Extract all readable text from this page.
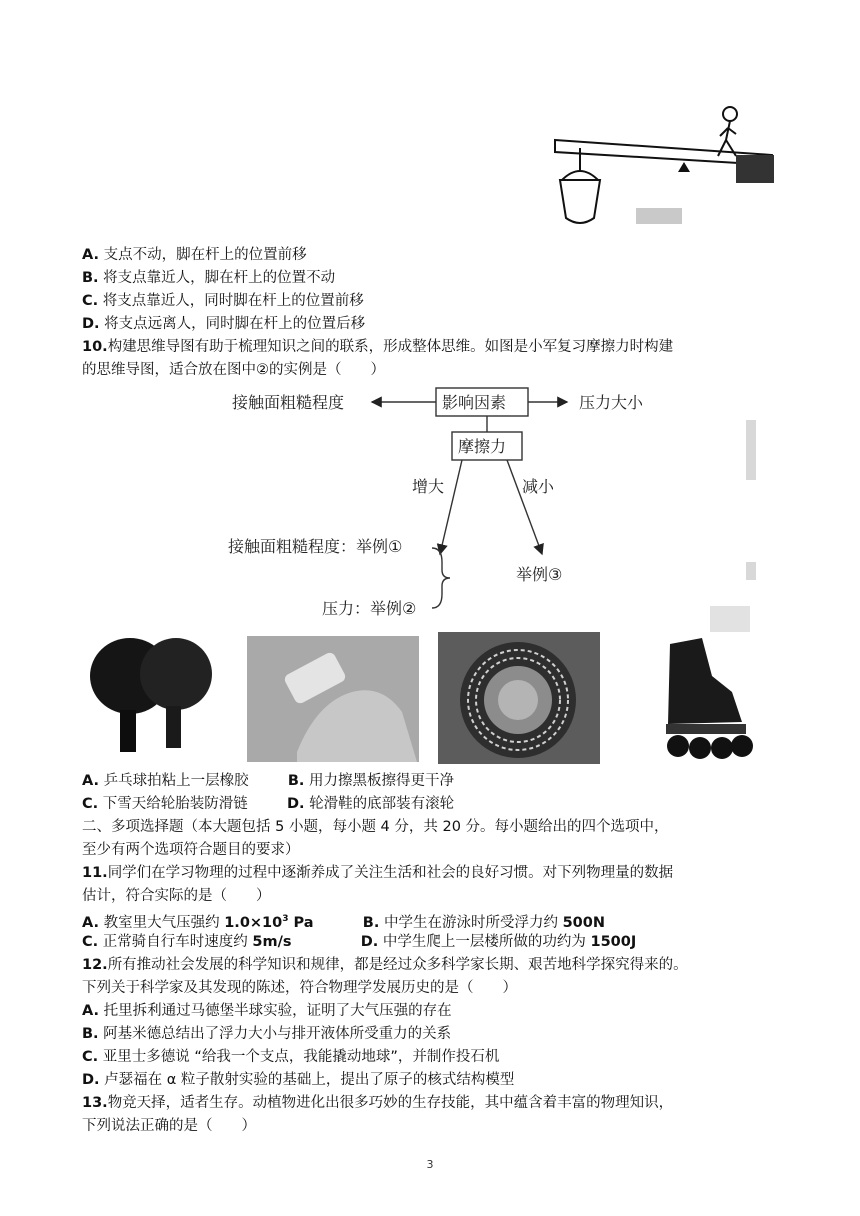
A. 支点不动，脚在杆上的位置前移
B. 将支点靠近人，脚在杆上的位置不动
C. 将支点靠近人，同时脚在杆上的位置前移
D. 将支点远离人，同时脚在杆上的位置后移
10.构建思维导图有助于梳理知识之间的联系，形成整体思维。如图是小军复习摩擦力时构建
的思维导图，适合放在图中②的实例是（　　）
接触面粗糙程度	影响因素	压力大小
摩擦力
增大	减小
接触面粗糙程度：举例①
压力：举例②
举例③
A. 乒乓球拍粘上一层橡胶	B. 用力擦黑板擦得更干净
C. 下雪天给轮胎装防滑链	D. 轮滑鞋的底部装有滚轮
二、多项选择题（本大题包括 5 小题，每小题 4 分，共 20 分。每小题给出的四个选项中，
至少有两个选项符合题目的要求）
11.同学们在学习物理的过程中逐渐养成了关注生活和社会的良好习惯。对下列物理量的数据
估计，符合实际的是（　　）
A. 教室里大气压强约 $1.0\times 10^3$ Pa	B. 中学生在游泳时所受浮力约 500N
C. 正常骑自行车时速度约 5m/s	D. 中学生爬上一层楼所做的功约为 1500J
12.所有推动社会发展的科学知识和规律，都是经过众多科学家长期、艰苦地科学探究得来的。
下列关于科学家及其发现的陈述，符合物理学发展历史的是（　　）
A. 托里拆利通过马德堡半球实验，证明了大气压强的存在
B. 阿基米德总结出了浮力大小与排开液体所受重力的关系
C. 亚里士多德说 “给我一个支点，我能撬动地球”，并制作投石机
D. 卢瑟福在 α 粒子散射实验的基础上，提出了原子的核式结构模型
13.物竞天择，适者生存。动植物进化出很多巧妙的生存技能，其中蕴含着丰富的物理知识，
下列说法正确的是（　　）
3
